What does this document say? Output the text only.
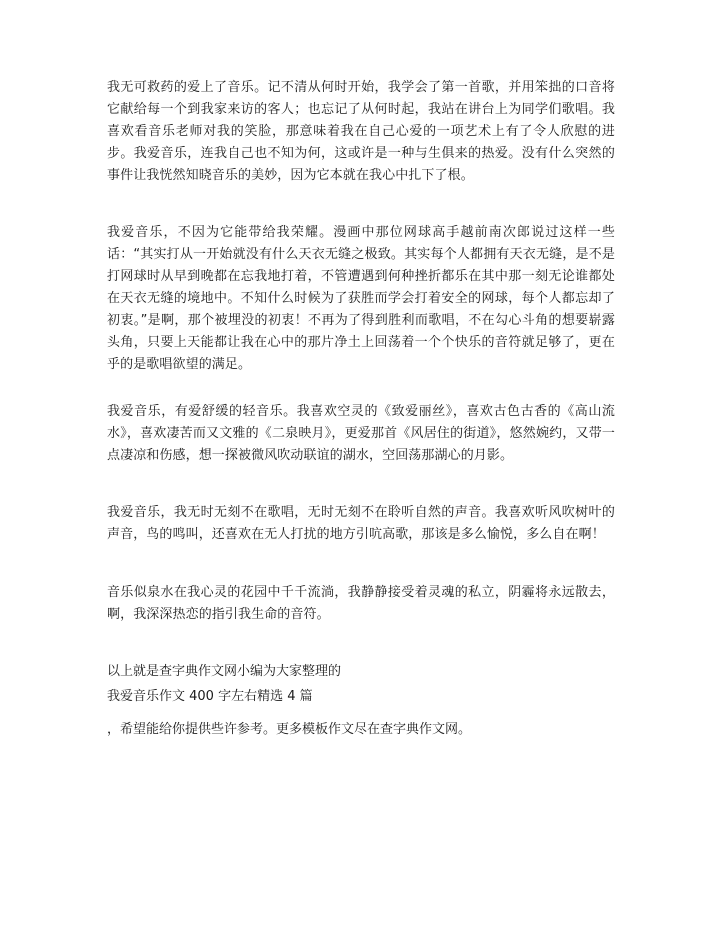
我无可救药的爱上了音乐。记不清从何时开始，我学会了第一首歌，并用笨拙的口音将它献给每一个到我家来访的客人；也忘记了从何时起，我站在讲台上为同学们歌唱。我喜欢看音乐老师对我的笑脸，那意味着我在自己心爱的一项艺术上有了令人欣慰的进步。我爱音乐，连我自己也不知为何，这或许是一种与生俱来的热爱。没有什么突然的事件让我恍然知晓音乐的美妙，因为它本就在我心中扎下了根。

我爱音乐，不因为它能带给我荣耀。漫画中那位网球高手越前南次郎说过这样一些话：“其实打从一开始就没有什么天衣无缝之极致。其实每个人都拥有天衣无缝，是不是打网球时从早到晚都在忘我地打着，不管遭遇到何种挫折都乐在其中那一刻无论谁都处在天衣无缝的境地中。不知什么时候为了获胜而学会打着安全的网球，每个人都忘却了初衷。”是啊，那个被埋没的初衷！不再为了得到胜利而歌唱，不在勾心斗角的想要崭露头角，只要上天能都让我在心中的那片净土上回荡着一个个快乐的音符就足够了，更在乎的是歌唱欲望的满足。

我爱音乐，有爱舒缓的轻音乐。我喜欢空灵的《致爱丽丝》，喜欢古色古香的《高山流水》，喜欢凄苦而又文雅的《二泉映月》，更爱那首《风居住的街道》，悠然婉约，又带一点凄凉和伤感，想一探被微风吹动联谊的湖水，空回荡那湖心的月影。

我爱音乐，我无时无刻不在歌唱，无时无刻不在聆听自然的声音。我喜欢听风吹树叶的声音，鸟的鸣叫，还喜欢在无人打扰的地方引吭高歌，那该是多么愉悦，多么自在啊！

音乐似泉水在我心灵的花园中千千流淌，我静静接受着灵魂的私立，阴霾将永远散去，啊，我深深热恋的指引我生命的音符。

以上就是查字典作文网小编为大家整理的

我爱音乐作文 400 字左右精选 4 篇

，希望能给你提供些许参考。更多模板作文尽在查字典作文网。
